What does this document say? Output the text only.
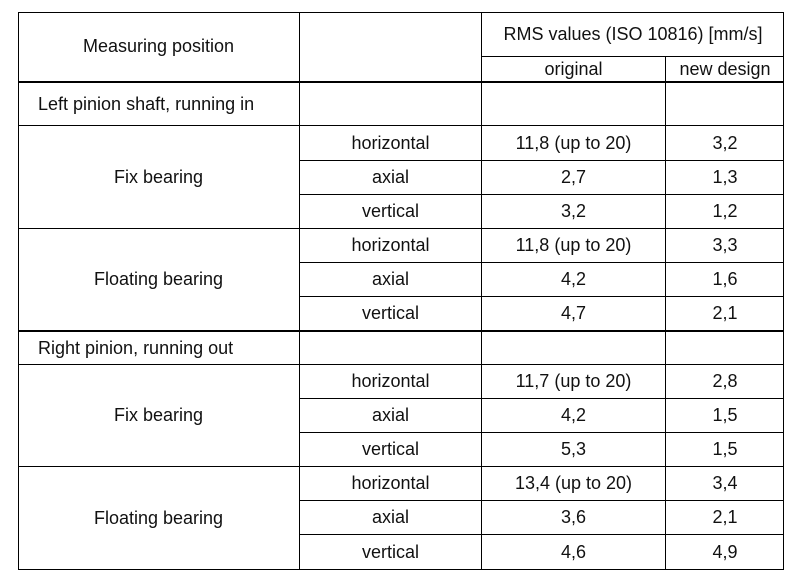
Measuring position
RMS values (ISO 10816) [mm/s]
original	new design
Left pinion shaft, running in
Fix bearing
horizontal	11,8 (up to 20)	3,2
axial	2,7	1,3
vertical	3,2	1,2
Floating bearing
horizontal	11,8 (up to 20)	3,3
axial	4,2	1,6
vertical	4,7	2,1
Right pinion, running out
Fix bearing
horizontal	11,7 (up to 20)	2,8
axial	4,2	1,5
vertical	5,3	1,5
Floating bearing
horizontal	13,4 (up to 20)	3,4
axial	3,6	2,1
vertical	4,6	4,9
